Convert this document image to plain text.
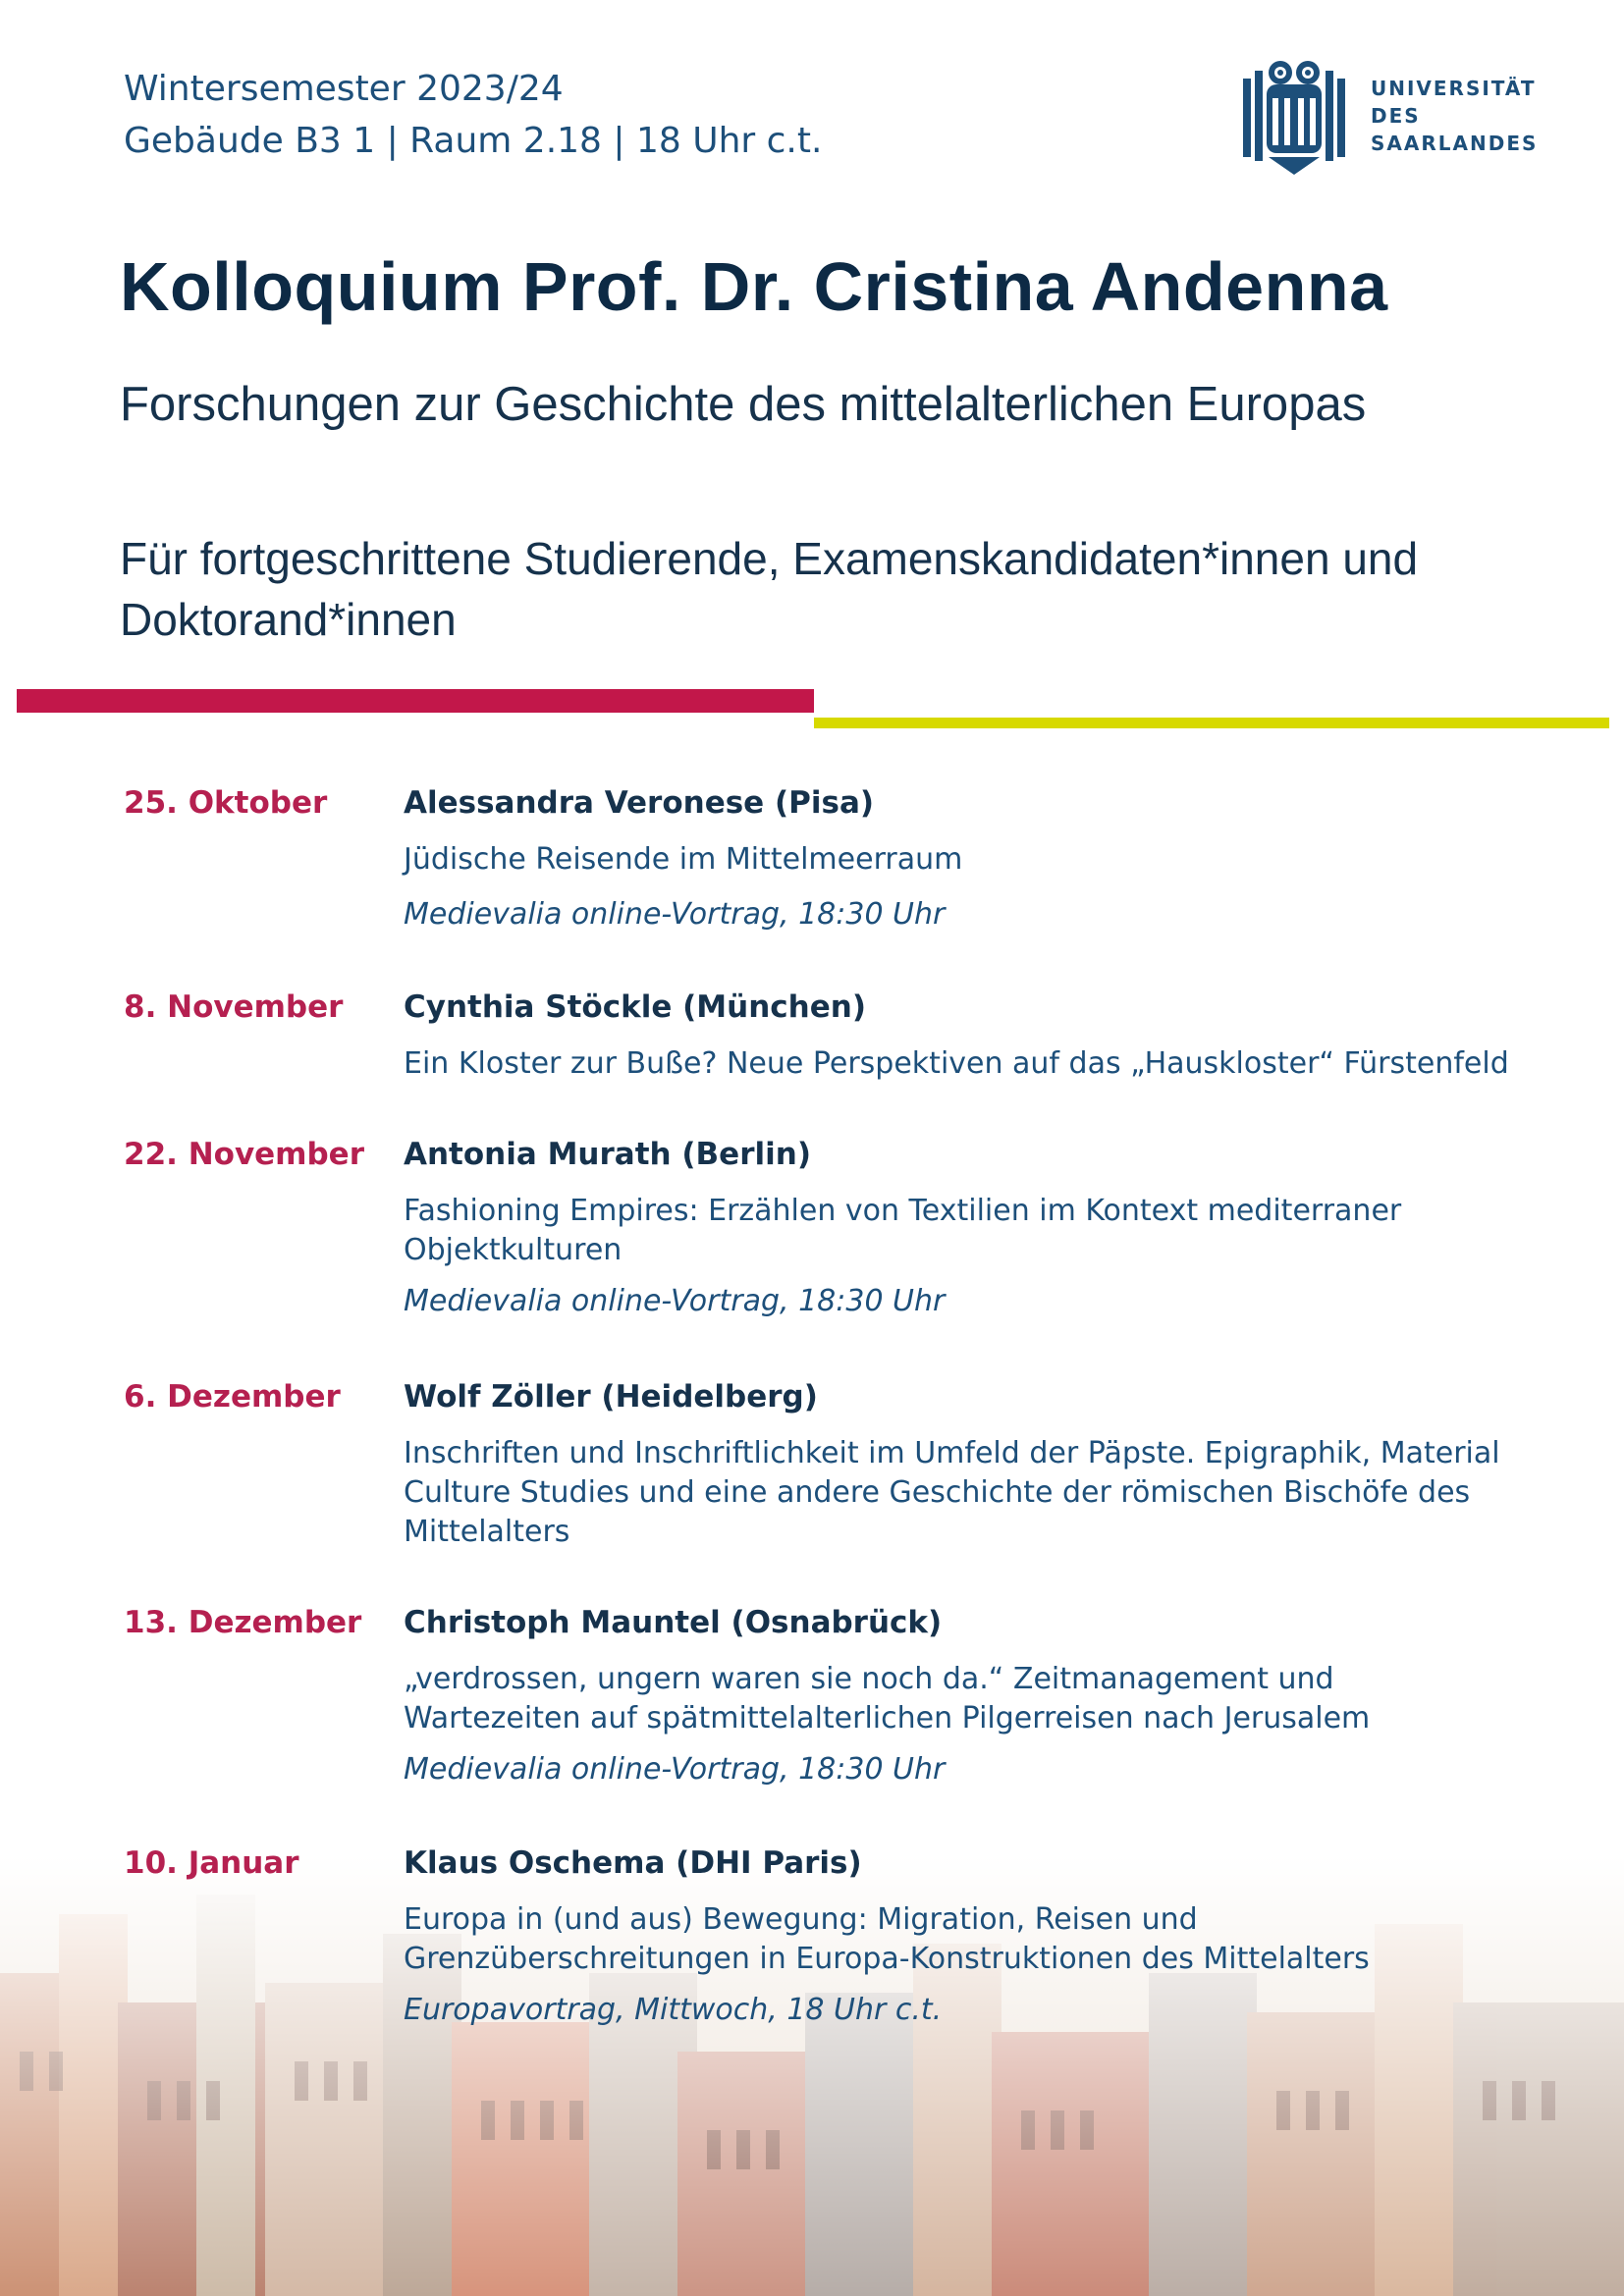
Wintersemester 2023/24
Gebäude B3 1 | Raum 2.18 | 18 Uhr c.t.
UNIVERSITÄT
DES
SAARLANDES
Kolloquium Prof. Dr. Cristina Andenna
Forschungen zur Geschichte des mittelalterlichen Europas
Für fortgeschrittene Studierende, Examenskandidaten*innen und Doktorand*innen
25. Oktober	Alessandra Veronese (Pisa)
Jüdische Reisende im Mittelmeerraum
Medievalia online-Vortrag, 18:30 Uhr
8. November Cynthia Stöckle (München)
Ein Kloster zur Buße? Neue Perspektiven auf das „Hauskloster“ Fürstenfeld
22. November Antonia Murath (Berlin)
Fashioning Empires: Erzählen von Textilien im Kontext mediterraner Objektkulturen
Medievalia online-Vortrag, 18:30 Uhr
6. Dezember Wolf Zöller (Heidelberg)
Inschriften und Inschriftlichkeit im Umfeld der Päpste. Epigraphik, Material Culture Studies und eine andere Geschichte der römischen Bischöfe des Mittelalters
13. Dezember Christoph Mauntel (Osnabrück)
„verdrossen, ungern waren sie noch da.“ Zeitmanagement und Wartezeiten auf spätmittelalterlichen Pilgerreisen nach Jerusalem
Medievalia online-Vortrag, 18:30 Uhr
10. Januar	Klaus Oschema (DHI Paris)
Europa in (und aus) Bewegung: Migration, Reisen und Grenzüberschreitungen in Europa-Konstruktionen des Mittelalters
Europavortrag, Mittwoch, 18 Uhr c.t.
